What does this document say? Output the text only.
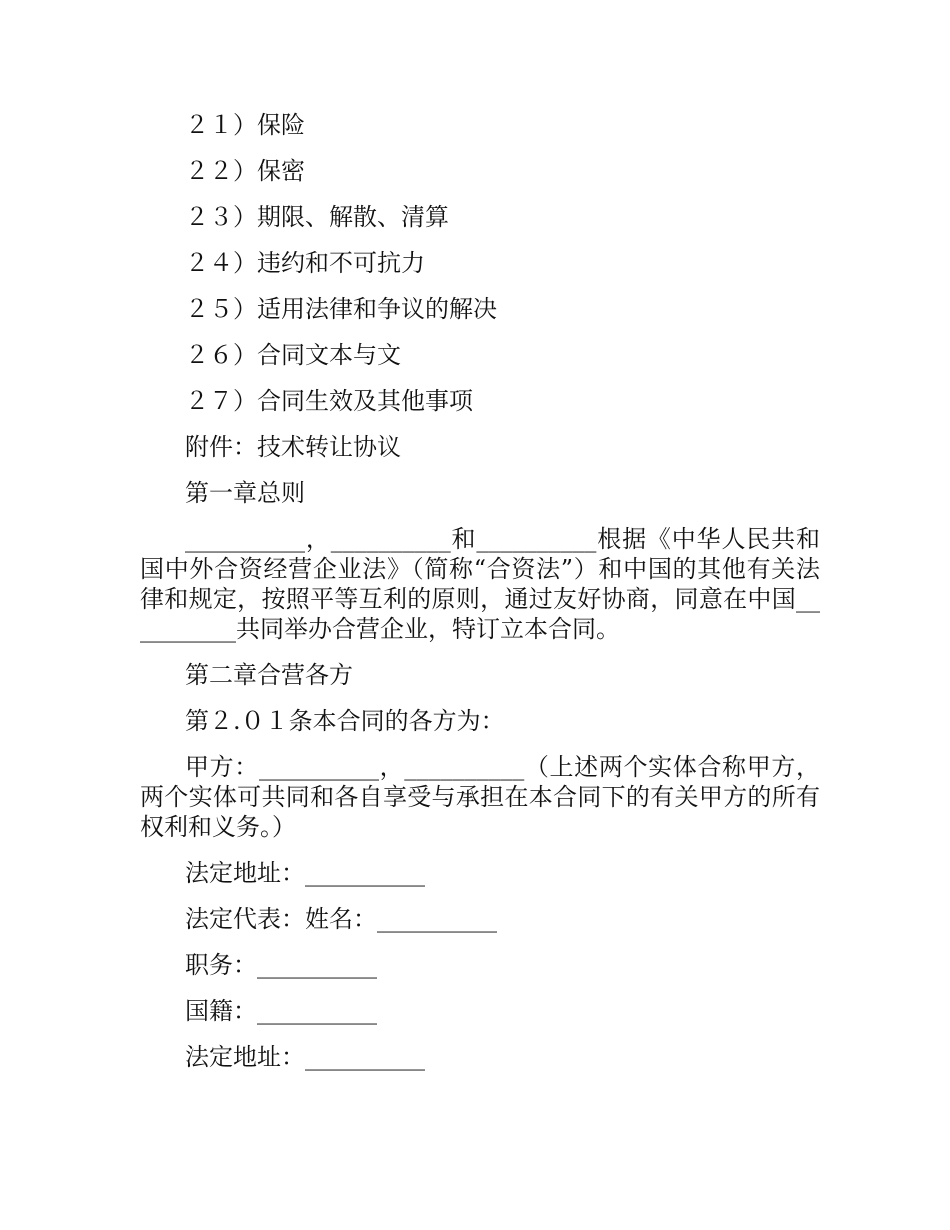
２１）保险
２２）保密
２３）期限、解散、清算
２４）违约和不可抗力
２５）适用法律和争议的解决
２６）合同文本与文
２７）合同生效及其他事项
附件：技术转让协议
第一章总则
__________，__________和__________根据《中华人民共和国中外合资经营企业法》（简称“合资法”）和中国的其他有关法律和规定，按照平等互利的原则，通过友好协商，同意在中国__________共同举办合营企业，特订立本合同。
第二章合营各方
第２.０１条本合同的各方为：
甲方：__________，__________（上述两个实体合称甲方，两个实体可共同和各自享受与承担在本合同下的有关甲方的所有权利和义务。）
法定地址：__________
法定代表：姓名：__________
职务：__________
国籍：__________
法定地址：__________
